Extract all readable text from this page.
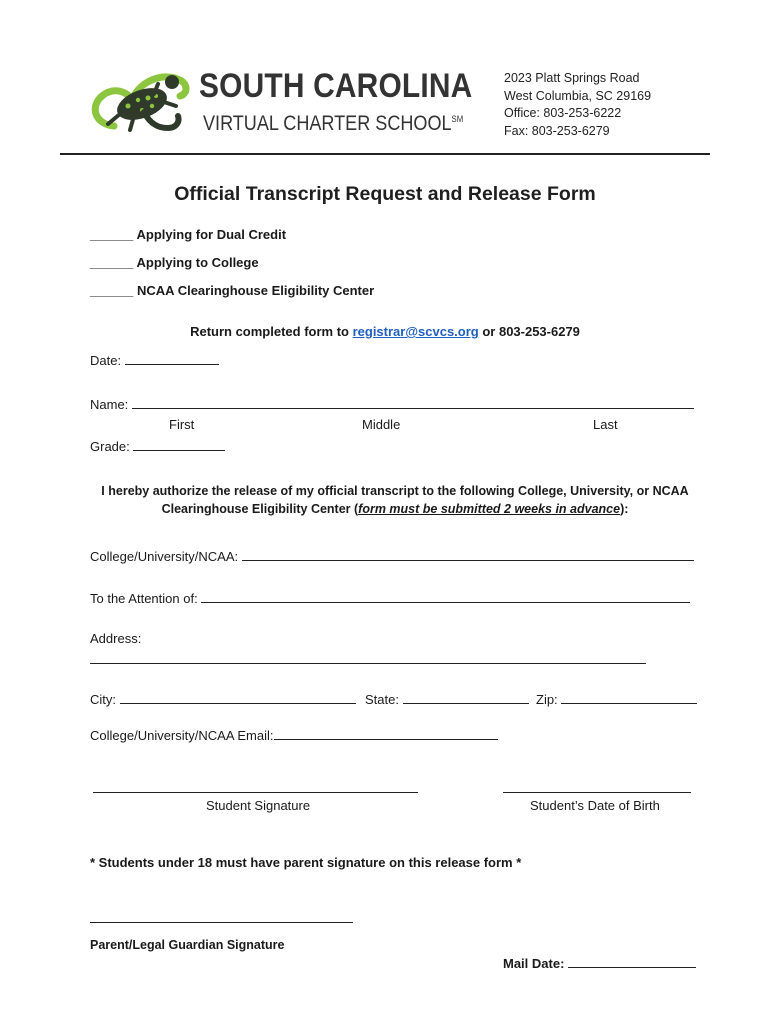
SOUTH CAROLINA
VIRTUAL CHARTER SCHOOL℠
2023 Platt Springs Road
West Columbia, SC 29169
Office: 803-253-6222
Fax: 803-253-6279
Official Transcript Request and Release Form
______ Applying for Dual Credit
______ Applying to College
______ NCAA Clearinghouse Eligibility Center
Return completed form to registrar@scvcs.org or 803-253-6279
Date:
Name:
First	Middle	Last
Grade:
I hereby authorize the release of my official transcript to the following College, University, or NCAA Clearinghouse Eligibility Center (form must be submitted 2 weeks in advance):
College/University/NCAA:
To the Attention of:
Address:
City:	State:	Zip:
College/University/NCAA Email:
Student Signature	Student’s Date of Birth
* Students under 18 must have parent signature on this release form *
Parent/Legal Guardian Signature
Mail Date:
